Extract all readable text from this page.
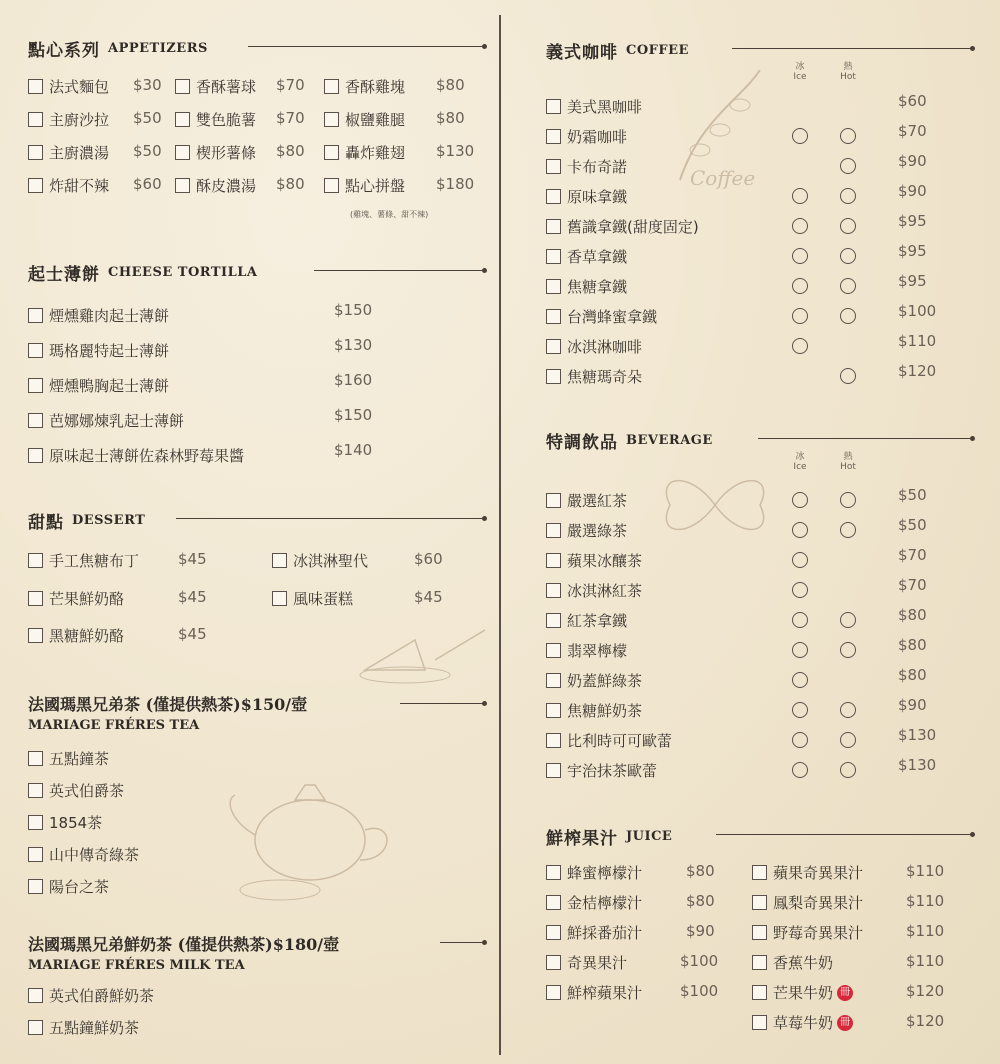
Coffee
點心系列 APPETIZERS
法式麵包 $30 香酥薯球 $70	香酥雞塊 $80
主廚沙拉 $50 雙色脆薯 $70	椒鹽雞腿 $80
主廚濃湯 $50 楔形薯條 $80	轟炸雞翅 $130
炸甜不辣 $60 酥皮濃湯 $80	點心拼盤 $180
(雞塊、薯條、甜不辣)
起士薄餅 CHEESE TORTILLA
煙燻雞肉起士薄餅	$150
瑪格麗特起士薄餅	$130
煙燻鴨胸起士薄餅	$160
芭娜娜煉乳起士薄餅	$150
原味起士薄餅佐森林野莓果醬	$140
甜點 DESSERT
手工焦糖布丁	$45	冰淇淋聖代	$60
芒果鮮奶酪	$45	風味蛋糕	$45
黑糖鮮奶酪	$45
法國瑪黑兄弟茶 (僅提供熱茶)$150/壺
MARIAGE FRÉRES TEA
五點鐘茶
英式伯爵茶
1854茶
山中傳奇綠茶
陽台之茶
法國瑪黑兄弟鮮奶茶 (僅提供熱茶)$180/壺
MARIAGE FRÉRES MILK TEA
英式伯爵鮮奶茶
五點鐘鮮奶茶
義式咖啡 COFFEE
冰
Ice
熱
Hot
美式黑咖啡	$60
奶霜咖啡	$70
卡布奇諾	$90
原味拿鐵	$90
舊識拿鐵(甜度固定)	$95
香草拿鐵	$95
焦糖拿鐵	$95
台灣蜂蜜拿鐵	$100
冰淇淋咖啡	$110
焦糖瑪奇朵	$120
特調飲品 BEVERAGE
冰
Ice
熱
Hot
嚴選紅茶	$50
嚴選綠茶	$50
蘋果冰釀茶	$70
冰淇淋紅茶	$70
紅茶拿鐵	$80
翡翠檸檬	$80
奶蓋鮮綠茶	$80
焦糖鮮奶茶	$90
比利時可可歐蕾	$130
宇治抹茶歐蕾	$130
鮮榨果汁 JUICE
蜂蜜檸檬汁	$80
金桔檸檬汁	$80
鮮採番茄汁	$90
奇異果汁	$100
鮮榨蘋果汁	$100
蘋果奇異果汁	$110
鳳梨奇異果汁	$110
野莓奇異果汁	$110
香蕉牛奶	$110
芒果牛奶 冊	$120
草莓牛奶 冊	$120
